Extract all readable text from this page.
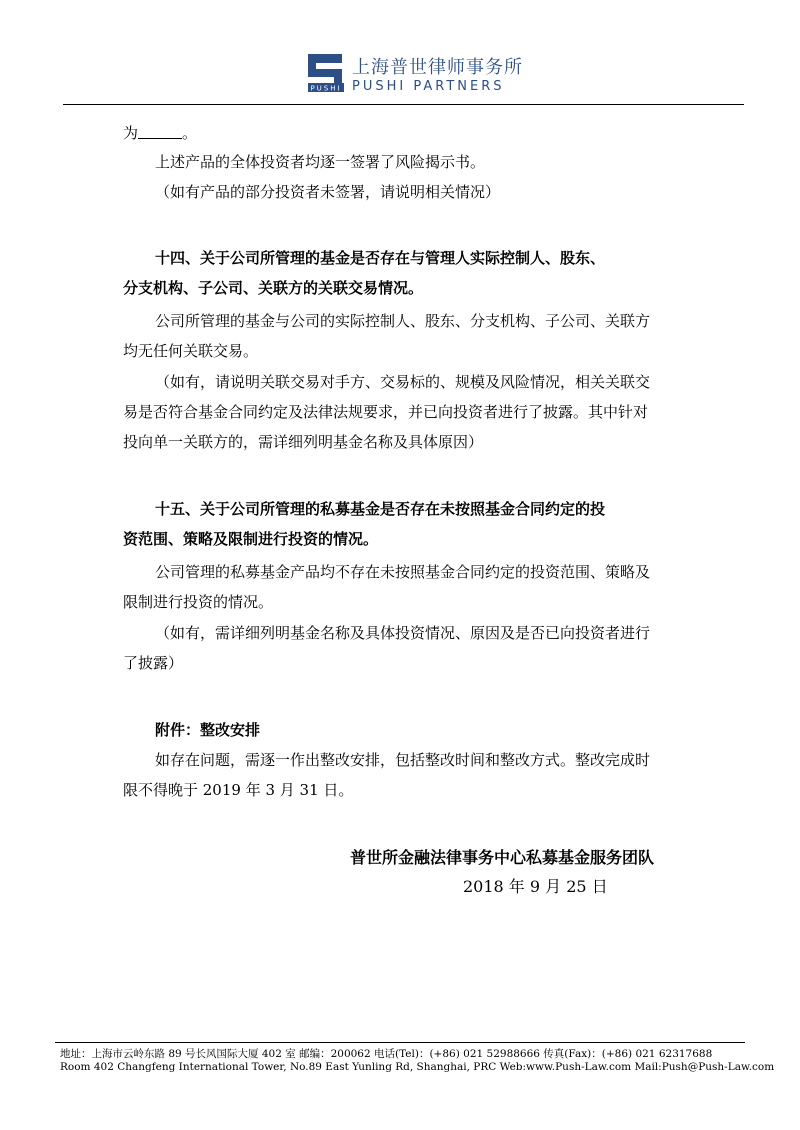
PUSHI
上海普世律师事务所
PUSHI PARTNERS
为	。
上述产品的全体投资者均逐一签署了风险揭示书。
（如有产品的部分投资者未签署，请说明相关情况）
十四、关于公司所管理的基金是否存在与管理人实际控制人、股东、
分支机构、子公司、关联方的关联交易情况。
公司所管理的基金与公司的实际控制人、股东、分支机构、子公司、关联方
均无任何关联交易。
（如有，请说明关联交易对手方、交易标的、规模及风险情况，相关关联交
易是否符合基金合同约定及法律法规要求，并已向投资者进行了披露。其中针对
投向单一关联方的，需详细列明基金名称及具体原因）
十五、关于公司所管理的私募基金是否存在未按照基金合同约定的投
资范围、策略及限制进行投资的情况。
公司管理的私募基金产品均不存在未按照基金合同约定的投资范围、策略及
限制进行投资的情况。
（如有，需详细列明基金名称及具体投资情况、原因及是否已向投资者进行
了披露）
附件：整改安排
如存在问题，需逐一作出整改安排，包括整改时间和整改方式。整改完成时
限不得晚于 2019 年 3 月 31 日。
普世所金融法律事务中心私募基金服务团队
2018 年 9 月 25 日
地址：上海市云岭东路 89 号长风国际大厦 402 室 邮编：200062 电话(Tel)：(+86) 021 52988666 传真(Fax)：(+86) 021 62317688
Room 402 Changfeng International Tower, No.89 East Yunling Rd, Shanghai, PRC Web:www.Push-Law.com Mail:Push@Push-Law.com
